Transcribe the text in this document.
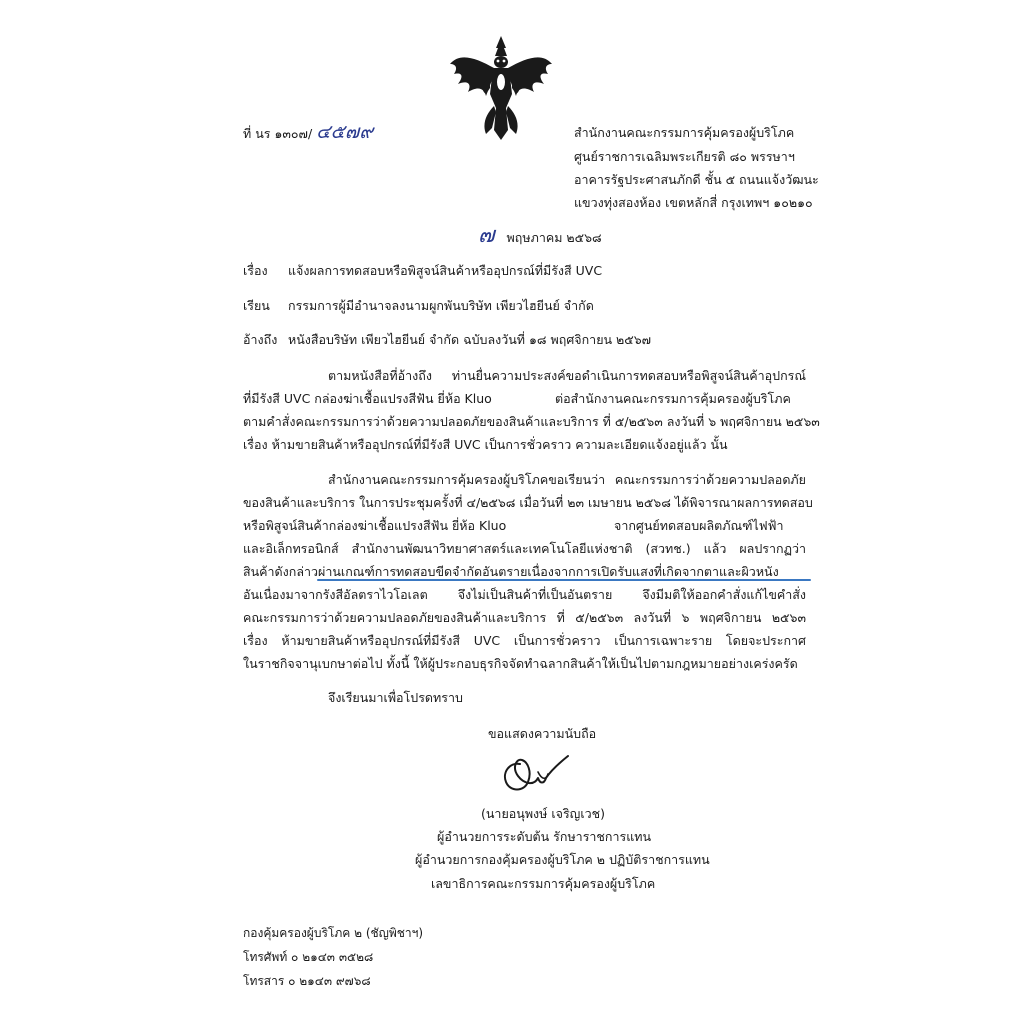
ที่ นร ๑๓๐๗/ ๔๕๗๙	สำนักงานคณะกรรมการคุ้มครองผู้บริโภค
ศูนย์ราชการเฉลิมพระเกียรติ ๘๐ พรรษาฯ
อาคารรัฐประศาสนภักดี ชั้น ๕ ถนนแจ้งวัฒนะ
แขวงทุ่งสองห้อง เขตหลักสี่ กรุงเทพฯ ๑๐๒๑๐
๗ พฤษภาคม ๒๕๖๘
เรื่อง แจ้งผลการทดสอบหรือพิสูจน์สินค้าหรืออุปกรณ์ที่มีรังสี UVC
เรียน กรรมการผู้มีอำนาจลงนามผูกพันบริษัท เพียวไฮยีนย์ จำกัด
อ้างถึง หนังสือบริษัท เพียวไฮยีนย์ จำกัด ฉบับลงวันที่ ๑๘ พฤศจิกายน ๒๕๖๗
ตามหนังสือที่อ้างถึง ท่านยื่นความประสงค์ขอดำเนินการทดสอบหรือพิสูจน์สินค้าอุปกรณ์
ที่มีรังสี UVC กล่องฆ่าเชื้อแปรงสีฟัน ยี่ห้อ Kluo	ต่อสำนักงานคณะกรรมการคุ้มครองผู้บริโภค
ตามคำสั่งคณะกรรมการว่าด้วยความปลอดภัยของสินค้าและบริการ ที่ ๕/๒๕๖๓ ลงวันที่ ๖ พฤศจิกายน ๒๕๖๓
เรื่อง ห้ามขายสินค้าหรืออุปกรณ์ที่มีรังสี UVC เป็นการชั่วคราว ความละเอียดแจ้งอยู่แล้ว นั้น
สำนักงานคณะกรรมการคุ้มครองผู้บริโภคขอเรียนว่า คณะกรรมการว่าด้วยความปลอดภัย
ของสินค้าและบริการ ในการประชุมครั้งที่ ๔/๒๕๖๘ เมื่อวันที่ ๒๓ เมษายน ๒๕๖๘ ได้พิจารณาผลการทดสอบ
หรือพิสูจน์สินค้ากล่องฆ่าเชื้อแปรงสีฟัน ยี่ห้อ Kluo	จากศูนย์ทดสอบผลิตภัณฑ์ไฟฟ้า
และอิเล็กทรอนิกส์ สำนักงานพัฒนาวิทยาศาสตร์และเทคโนโลยีแห่งชาติ (สวทช.) แล้ว ผลปรากฏว่า
สินค้าดังกล่าวผ่านเกณฑ์การทดสอบขีดจำกัดอันตรายเนื่องจากการเปิดรับแสงที่เกิดจากตาและผิวหนัง
อันเนื่องมาจากรังสีอัลตราไวโอเลต จึงไม่เป็นสินค้าที่เป็นอันตราย จึงมีมติให้ออกคำสั่งแก้ไขคำสั่ง
คณะกรรมการว่าด้วยความปลอดภัยของสินค้าและบริการ ที่ ๕/๒๕๖๓ ลงวันที่ ๖ พฤศจิกายน ๒๕๖๓
เรื่อง ห้ามขายสินค้าหรืออุปกรณ์ที่มีรังสี UVC เป็นการชั่วคราว เป็นการเฉพาะราย โดยจะประกาศ
ในราชกิจจานุเบกษาต่อไป ทั้งนี้ ให้ผู้ประกอบธุรกิจจัดทำฉลากสินค้าให้เป็นไปตามกฎหมายอย่างเคร่งครัด
จึงเรียนมาเพื่อโปรดทราบ
ขอแสดงความนับถือ
(นายอนุพงษ์ เจริญเวช)
ผู้อำนวยการระดับต้น รักษาราชการแทน
ผู้อำนวยการกองคุ้มครองผู้บริโภค ๒ ปฏิบัติราชการแทน
เลขาธิการคณะกรรมการคุ้มครองผู้บริโภค
กองคุ้มครองผู้บริโภค ๒ (ชัญพิชาฯ)
โทรศัพท์ ๐ ๒๑๔๓ ๓๕๒๘
โทรสาร ๐ ๒๑๔๓ ๙๗๖๘
